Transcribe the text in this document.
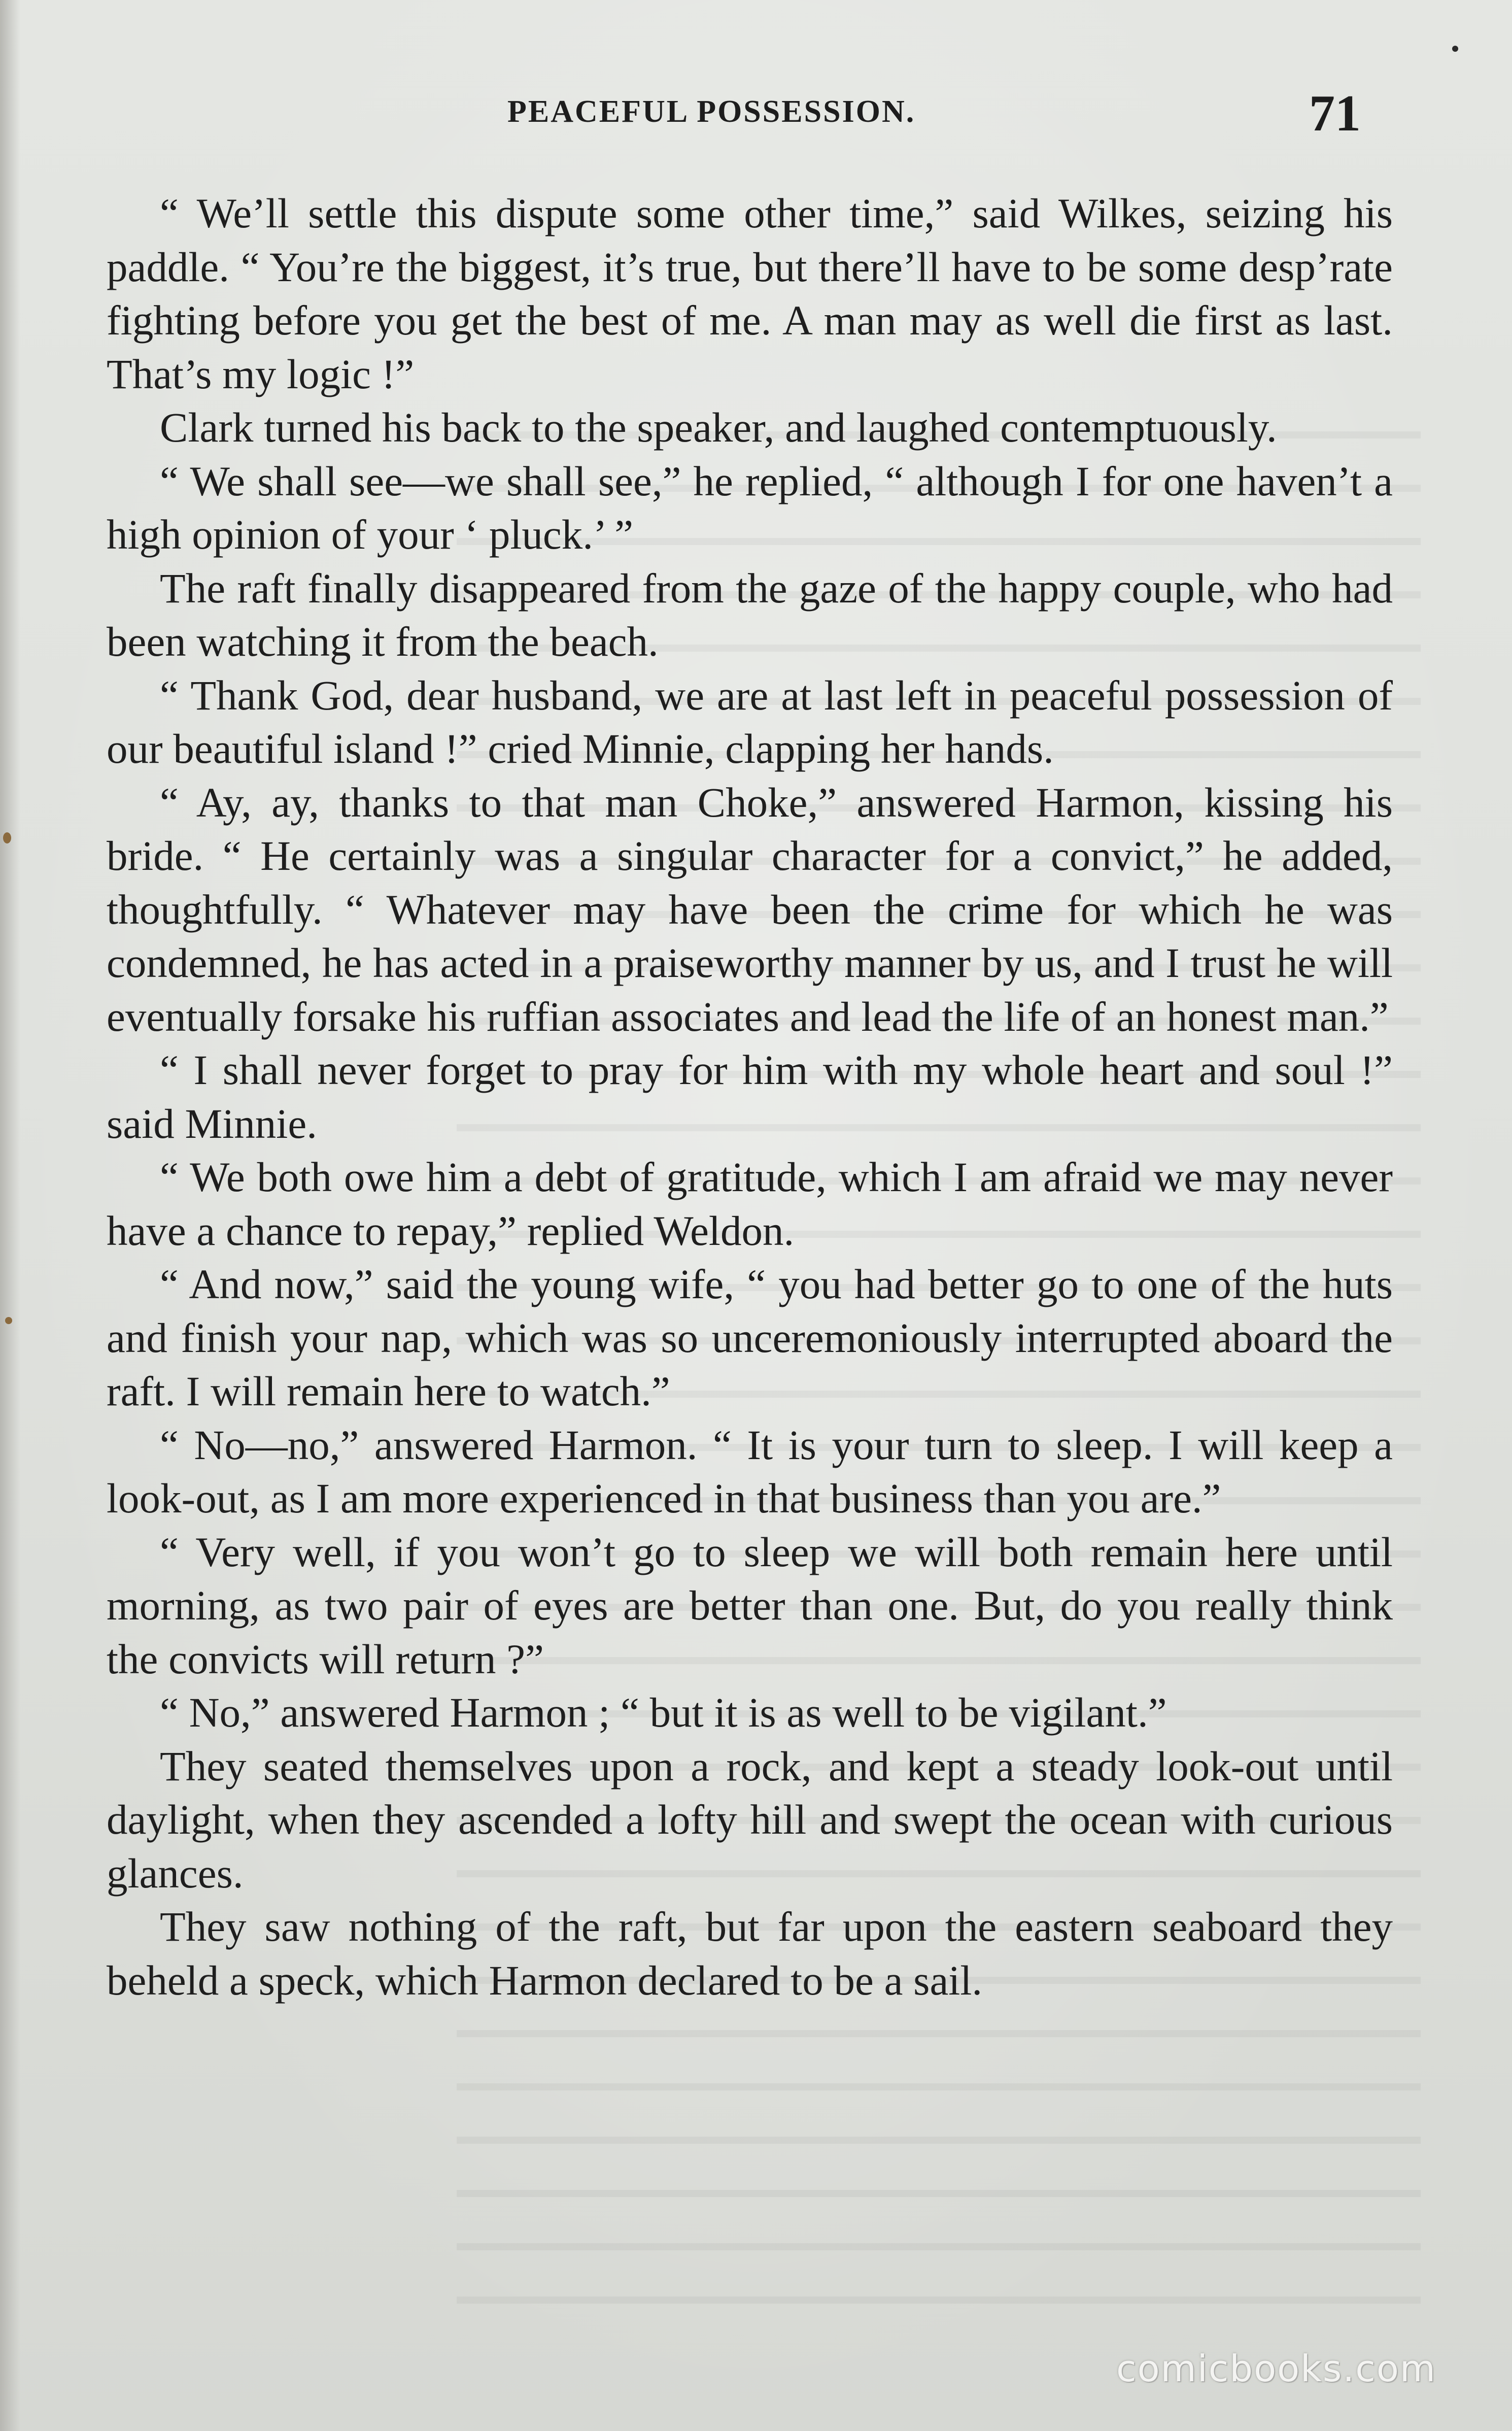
PEACEFUL POSSESSION.	71

“ We’ll settle this dispute some other time,” said Wilkes, seizing his paddle. “ You’re the biggest, it’s true, but there’ll have to be some desp’rate fighting before you get the best of me. A man may as well die first as last. That’s my logic !”

Clark turned his back to the speaker, and laughed contemptuously.

“ We shall see—we shall see,” he replied, “ although I for one haven’t a high opinion of your ‘ pluck.’ ”

The raft finally disappeared from the gaze of the happy couple, who had been watching it from the beach.

“ Thank God, dear husband, we are at last left in peaceful possession of our beautiful island !” cried Minnie, clapping her hands.

“ Ay, ay, thanks to that man Choke,” answered Harmon, kissing his bride. “ He certainly was a singular character for a convict,” he added, thoughtfully. “ Whatever may have been the crime for which he was condemned, he has acted in a praiseworthy manner by us, and I trust he will eventually forsake his ruffian associates and lead the life of an honest man.”

“ I shall never forget to pray for him with my whole heart and soul !” said Minnie.

“ We both owe him a debt of gratitude, which I am afraid we may never have a chance to repay,” replied Weldon.

“ And now,” said the young wife, “ you had better go to one of the huts and finish your nap, which was so unceremoniously interrupted aboard the raft. I will remain here to watch.”

“ No—no,” answered Harmon. “ It is your turn to sleep. I will keep a look-out, as I am more experienced in that business than you are.”

“ Very well, if you won’t go to sleep we will both remain here until morning, as two pair of eyes are better than one. But, do you really think the convicts will return ?”

“ No,” answered Harmon ; “ but it is as well to be vigilant.”

They seated themselves upon a rock, and kept a steady look-out until daylight, when they ascended a lofty hill and swept the ocean with curious glances.

They saw nothing of the raft, but far upon the eastern seaboard they beheld a speck, which Harmon declared to be a sail.

comicbooks.com
